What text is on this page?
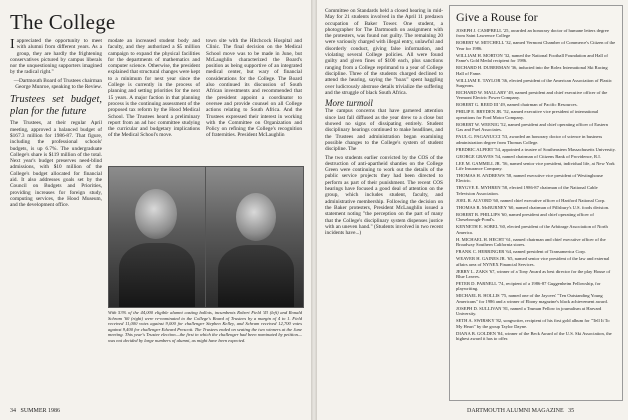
The College

Iappreciated the opportunity to meet with alumni from different years. As a group, they are hardly the frightening conservatives pictured by campus liberals nor the unquestioning supporters imagined by the radical right."

—Dartmouth Board of Trustees chairman George Munroe, speaking to the Review.

Trustees set budget, plan for the future

The Trustees, at their regular April meeting, approved a balanced budget of $167.3 million for 1986-87. That figure, including the professional schools' budgets, is up 6.7%. The undergraduate College's share is $119 million of the total. Next year's budget preserves need-blind admissions, with $10 million of the College's budget allocated for financial aid. It also addresses goals set by the Council on Budgets and Priorities, providing increases for foreign study, computing services, the Hood Museum, and the development office.

modate an increased student body and faculty, and they authorized a $5 million campaign to expand the physical facilities for the departments of mathematics and computer science. Otherwise, the president explained that structural changes were kept to a minimum for next year since the College is currently in the process of planning and setting priorities for the next 15 years. A major faction in that planning process is the continuing assessment of the proposed tax reform by the Hood Medical School. The Trustees heard a preliminary report from an ad hoc committee studying the curricular and budgetary implications of the Medical School's move.

town site with the Hitchcock Hospital and Clinic. The final decision on the Medical School move was to be made in June, but McLaughlin characterized the Board's position as being supportive of an integrated medical center, but wary of financial considerations for the College. The Board also continued its discussion of South African investments and recommended that the president appoint a coordinator to oversee and provide counsel on all College actions relating to South Africa. And the Trustees expressed their interest in working with the Committee on Organization and Policy on refining the College's recognition of fraternities. President McLaughlin

With 53% of the 44,000 eligible alumni casting ballots, incumbents Robert Field '43 (left) and Ronald Schram '60 (right) were re-nominated to the College's Board of Trustees by a margin of 4 to 1. Field received 11,000 votes against 9,000 for challenger Stephen Kelley, and Schram received 12,700 votes against 9,400 for challenger Edward Prescott. The Trustees ended on seating the two winners at the June meeting. This year's Trustee election—the first in which the challenger had been nominated by petition—was not decided by large numbers of alumni, as might have been expected.
34 SUMMER 1986

Committee on Standards held a closed hearing in mid-May for 21 students involved in the April 11 predawn occupation of Baker Tower. One student, a photographer for The Dartmouth on assignment with the protesters, was found not guilty. The remaining 20 were variously charged with illegal entry, unlawful and disorderly conduct, giving false information, and violating several College policies. All were found guilty and given fines of $100 each, plus sanctions ranging from a College reprimand to a year of College discipline. Three of the students charged declined to attend the hearing, saying the "hoax" spent haggling over ludicrously abstruse details trivialize the suffering and the struggle of black South Africa.

More turmoil

The campus concerns that have garnered attention since last fall diffused as the year drew to a close but showed no signs of dissipating entirely. Student disciplinary hearings continued to make headlines, and the Trustees and administration began examining possible changes to the College's system of student discipline. The

The two students earlier convicted by the COS of the destruction of anti-apartheid shanties on the College Green were continuing to work out the details of the public service projects they had been directed to perform as part of their punishment. The recent COS hearings have focused a good deal of attention on the group, which includes student, faculty, and administrative membership. Following the decision on the Baker protesters, President McLaughlin issued a statement noting "the perception on the part of many that the College's disciplinary system dispenses justice with an uneven hand." (Students involved in two recent incidents have...)

Give a Rouse for
JOSEPH J. CAMPBELL '25, awarded an honorary doctor of humane letters degree from Saint Lawrence College
ROBERT W. MITCHELL '32, named Vermont Chamber of Commerce's Citizen of the Year for 1986.
WILLIAM H. MORTON '32, named the National Football Foundation and Hall of Fame's Gold Medal recipient for 1986.
RICHARD H. DUBERMAN '36, inducted into the Rolex International Ski Racing Hall of Fame.
WILLIAM E. TAYLOR '36, elected president of the American Association of Plastic Surgeons.
RICHARD W. MALLARY '49, named president and chief executive officer of the Vermont Electric Power Company.
ROBERT G. REED III '49, named chairman of Pacific Resources.
PHILIP E. BRYDEN JR. '52, named executive vice president of international operations for Ford Motor Company.
ROBERT W. WEENIG '52, named president and chief operating officer of Eastern Gas and Fuel Associates.
PAUL G. PAGANUCCI '53, awarded an honorary doctor of science in business administration degree from Thomas College.
FREDRIC ALPERT '54, appointed a trustee of Southeastern Massachusetts University.
GEORGE GRAVES '54, named chairman of Citizens Bank of Providence, R.I.
LEE M. GAMMILL JR. '56, named senior vice president, individual life, at New York Life Insurance Company.
THOMAS H. ANDREWS '58, named executive vice president of Westinghouse Electric.
TRYGVE E. MYHREN '58, elected 1986-87 chairman of the National Cable Television Association.
JOEL R. ALVORD '60, named chief executive officer of Hartford National Corp.
THOMAS R. McBURNEY '60, named chairman of Pillsbury's U.S. foods division.
ROBERT B. PHILLIPS '60, named president and chief operating officer of Chesebrough-Pond's.
KENNETH E. SOBEL '60, elected president of the Arbitrage Association of North America.
H. MICHAEL H. HECHT '61, named chairman and chief executive officer of the Broadway Southern California stores.
FRANK C. HERRINGER '64, named president of Transamerica Corp.
WEAVER H. GAINES JR. '65, named senior vice president of the law and external affairs area of NYNEX Financial Services.
JERRY L. ZAKS '67, winner of a Tony Award as best director for the play House of Blue Leaves.
PETER D. PARNELL '74, recipient of a 1986-87 Guggenheim Fellowship, for playwriting.
MICHAEL B. HOLLIS '75, named one of the Jaycees' "Ten Outstanding Young Americans" for 1986 and a winner of Ebony magazine's black achievement award.
JOSEPH D. SULLIVAN '81, named a Truman Fellow in journalism at Harvard University.
SETH A. SWIRSKY '82, songwriter, recipient of his first gold album for "Tell It To My Heart" by the group Taylor Dayne.
DIANA B. GOLDEN '84, winner of the Beck Award of the U.S. Ski Association, the highest award it has to offer.
DARTMOUTH ALUMNI MAGAZINE 35
